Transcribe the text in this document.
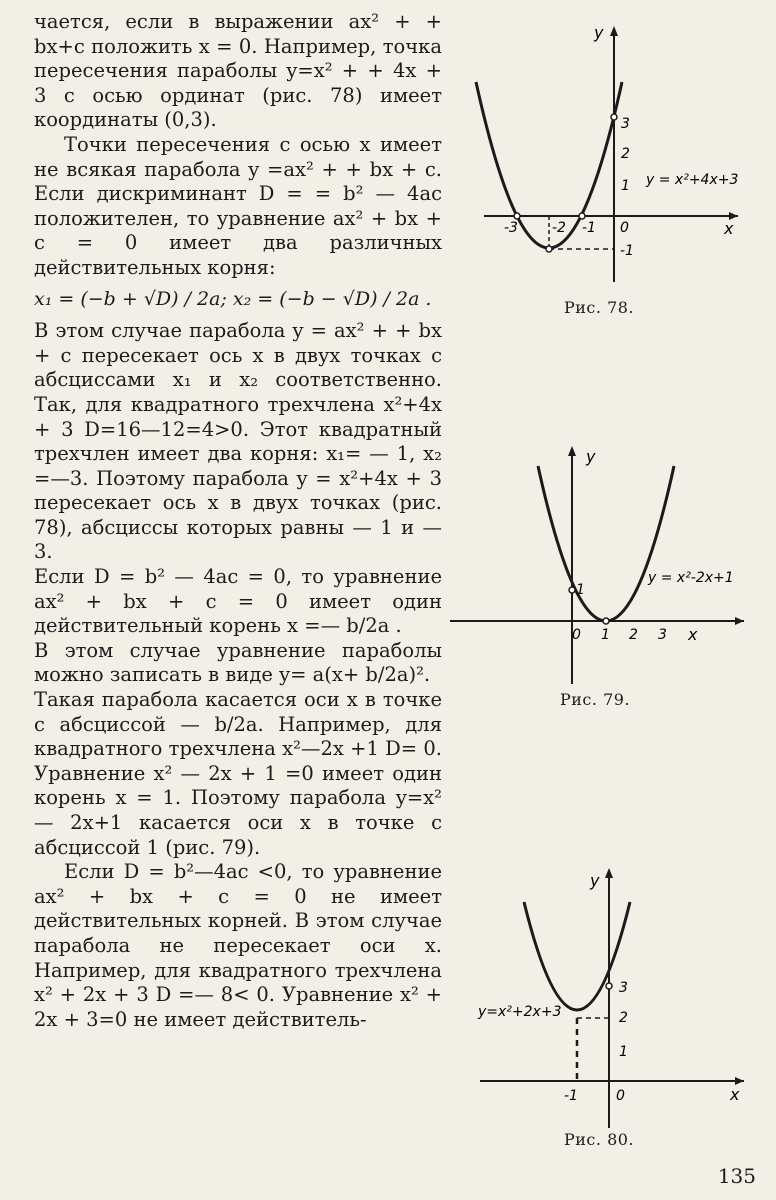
чается, если в выражении ax² + + bx+c положить x = 0. Например, точка пересечения параболы y=x² + + 4x + 3 с осью ординат (рис. 78) имеет координаты (0,3).

Точки пересечения с осью x имеет не всякая парабола y =ax² + + bx + c. Если дискриминант D = = b² — 4ac положителен, то уравнение ax² + bx + c = 0 имеет два различных действительных корня:

x₁ = (−b + √D) / 2a; x₂ = (−b − √D) / 2a .

В этом случае парабола y = ax² + + bx + c пересекает ось x в двух точках с абсциссами x₁ и x₂ соответственно. Так, для квадратного трехчлена x²+4x + 3 D=16—12=4>0. Этот квадратный трехчлен имеет два корня: x₁= — 1, x₂ =—3. Поэтому парабола y = x²+4x + 3 пересекает ось x в двух точках (рис. 78), абсциссы которых равны — 1 и — 3.

Если D = b² — 4ac = 0, то уравнение ax² + bx + c = 0 имеет один действительный корень x =— b/2a .

В этом случае уравнение параболы можно записать в виде y= a(x+ b/2a)².

Такая парабола касается оси x в точке с абсциссой — b/2a. Например, для квадратного трехчлена x²—2x +1 D= 0. Уравнение x² — 2x + 1 =0 имеет один корень x = 1. Поэтому парабола y=x² — 2x+1 касается оси x в точке с абсциссой 1 (рис. 79).

Если D = b²—4ac <0, то уравнение ax² + bx + c = 0 не имеет действительных корней. В этом случае парабола не пересекает оси x. Например, для квадратного трехчлена x² + 2x + 3 D =— 8< 0. Уравнение x² + 2x + 3=0 не имеет действитель-

y
x
-3 -2 -1 0
3
2
1
-1
y = x²+4x+3
Рис. 78.
y
x
0 1 2 3
1
y = x²-2x+1
Рис. 79.
y
x
-1	0
3
2
1
y=x²+2x+3
Рис. 80.
135
